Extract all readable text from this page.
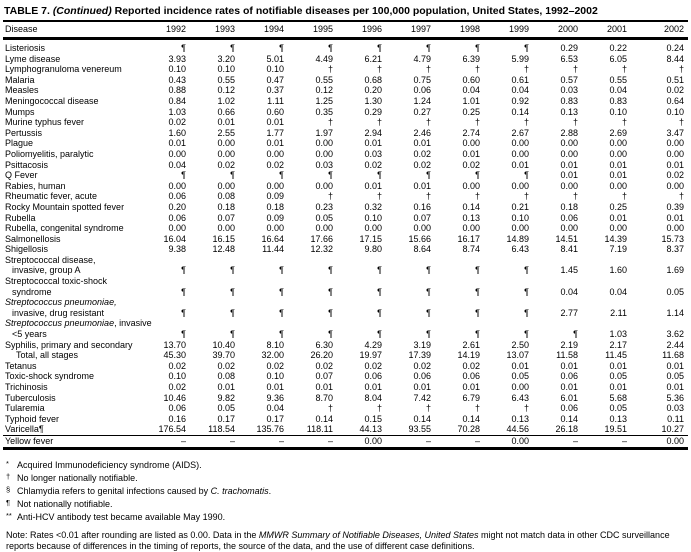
TABLE 7. (Continued) Reported incidence rates of notifiable diseases per 100,000 population, United States, 1992–2002
Disease	1992	1993	1994	1995	1996	1997	1998	1999	2000	2001	2002

Listeriosis	¶	¶	¶	¶	¶	¶	¶	¶	0.29	0.22	0.24

Lyme disease	3.93	3.20	5.01	4.49	6.21	4.79	6.39	5.99	6.53	6.05	8.44

Lymphogranuloma venereum	0.10	0.10	0.10	†	†	†	†	†	†	†	†

Malaria	0.43	0.55	0.47	0.55	0.68	0.75	0.60	0.61	0.57	0.55	0.51

Measles	0.88	0.12	0.37	0.12	0.20	0.06	0.04	0.04	0.03	0.04	0.02

Meningococcal disease	0.84	1.02	1.11	1.25	1.30	1.24	1.01	0.92	0.83	0.83	0.64

Mumps	1.03	0.66	0.60	0.35	0.29	0.27	0.25	0.14	0.13	0.10	0.10

Murine typhus fever	0.02	0.01	0.01	†	†	†	†	†	†	†	†

Pertussis	1.60	2.55	1.77	1.97	2.94	2.46	2.74	2.67	2.88	2.69	3.47

Plague	0.01	0.00	0.01	0.00	0.01	0.01	0.00	0.00	0.00	0.00	0.00

Poliomyelitis, paralytic	0.00	0.00	0.00	0.00	0.03	0.02	0.01	0.00	0.00	0.00	0.00

Psittacosis	0.04	0.02	0.02	0.03	0.02	0.02	0.02	0.01	0.01	0.01	0.01

Q Fever	¶	¶	¶	¶	¶	¶	¶	¶	0.01	0.01	0.02

Rabies, human	0.00	0.00	0.00	0.00	0.01	0.01	0.00	0.00	0.00	0.00	0.00

Rheumatic fever, acute	0.06	0.08	0.09	†	†	†	†	†	†	†	†

Rocky Mountain spotted fever	0.20	0.18	0.18	0.23	0.32	0.16	0.14	0.21	0.18	0.25	0.39

Rubella	0.06	0.07	0.09	0.05	0.10	0.07	0.13	0.10	0.06	0.01	0.01

Rubella, congenital syndrome	0.00	0.00	0.00	0.00	0.00	0.00	0.00	0.00	0.00	0.00	0.00

Salmonellosis	16.04	16.15	16.64	17.66	17.15	15.66	16.17	14.89	14.51	14.39	15.73

Shigellosis	9.38	12.48	11.44	12.32	9.80	8.64	8.74	6.43	8.41	7.19	8.37

Streptococcal disease,
invasive, group A	¶	¶	¶	¶	¶	¶	¶	¶	1.45	1.60	1.69

Streptococcal toxic-shock
syndrome	¶	¶	¶	¶	¶	¶	¶	¶	0.04	0.04	0.05

Streptococcus pneumoniae,
invasive, drug resistant	¶	¶	¶	¶	¶	¶	¶	¶	2.77	2.11	1.14

Streptococcus pneumoniae, invasive
<5 years	¶	¶	¶	¶	¶	¶	¶	¶	¶	1.03	3.62

Syphilis, primary and secondary	13.70	10.40	8.10	6.30	4.29	3.19	2.61	2.50	2.19	2.17	2.44

Total, all stages	45.30	39.70	32.00	26.20	19.97	17.39	14.19	13.07	11.58	11.45	11.68

Tetanus	0.02	0.02	0.02	0.02	0.02	0.02	0.02	0.01	0.01	0.01	0.01

Toxic-shock syndrome	0.10	0.08	0.10	0.07	0.06	0.06	0.06	0.05	0.06	0.05	0.05

Trichinosis	0.02	0.01	0.01	0.01	0.01	0.01	0.01	0.00	0.01	0.01	0.01

Tuberculosis	10.46	9.82	9.36	8.70	8.04	7.42	6.79	6.43	6.01	5.68	5.36

Tularemia	0.06	0.05	0.04	†	†	†	†	†	0.06	0.05	0.03

Typhoid fever	0.16	0.17	0.17	0.14	0.15	0.14	0.14	0.13	0.14	0.13	0.11

Varicella¶	176.54	118.54	135.76	118.11	44.13	93.55	70.28	44.56	26.18	19.51	10.27

Yellow fever	–	–	–	–	0.00	–	–	0.00	–	–	0.00
* Acquired Immunodeficiency syndrome (AIDS).
† No longer nationally notifiable.
§ Chlamydia refers to genital infections caused by C. trachomatis.
¶ Not nationally notifiable.
** Anti-HCV antibody test became available May 1990.
Note: Rates <0.01 after rounding are listed as 0.00. Data in the MMWR Summary of Notifiable Diseases, United States might not match data in other CDC surveillance reports because of differences in the timing of reports, the source of the data, and the use of different case definitions.
